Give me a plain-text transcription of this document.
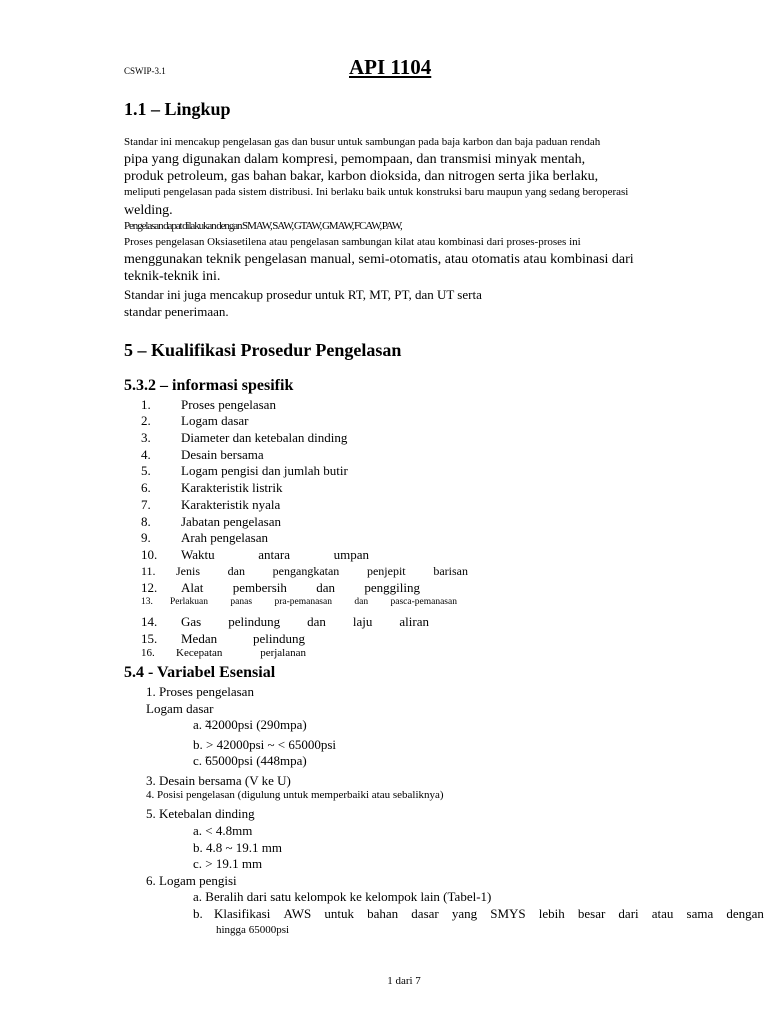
CSWIP-3.1	API 1104
1.1 – Lingkup
Standar ini mencakup pengelasan gas dan busur untuk sambungan pada baja karbon dan baja paduan rendah
pipa yang digunakan dalam kompresi, pemompaan, dan transmisi minyak mentah,
produk petroleum, gas bahan bakar, karbon dioksida, dan nitrogen serta jika berlaku,
meliputi pengelasan pada sistem distribusi. Ini berlaku baik untuk konstruksi baru maupun yang sedang beroperasi
welding.
Pengelasan dapat dilakukan dengan SMAW, SAW, GTAW, GMAW, FCAW, PAW,
Proses pengelasan Oksiasetilena atau pengelasan sambungan kilat atau kombinasi dari proses-proses ini
menggunakan teknik pengelasan manual, semi-otomatis, atau otomatis atau kombinasi dari
teknik-teknik ini.
Standar ini juga mencakup prosedur untuk RT, MT, PT, dan UT serta
standar penerimaan.
5 – Kualifikasi Prosedur Pengelasan
5.3.2 – informasi spesifik
1. Proses pengelasan
2. Logam dasar
3. Diameter dan ketebalan dinding
4. Desain bersama
5. Logam pengisi dan jumlah butir
6. Karakteristik listrik
7. Karakteristik nyala
8. Jabatan pengelasan
9. Arah pengelasan
10. Waktu	antara	umpan
11. Jenis dan pengangkatan penjepit barisan
12. Alat pembersih dan penggiling
13. Perlakuan panas pra-pemanasan dan pasca-pemanasan
14. Gas pelindung dan laju aliran
15. Medan	pelindung
16. Kecepatan	perjalanan
5.4 - Variabel Esensial
1. Proses pengelasan
Logam dasar
a. ̃42000psi (290mpa)
b. > 42000psi ~ < 65000psi
c. ̃65000psi (448mpa)
3. Desain bersama (V ke U)
4. Posisi pengelasan (digulung untuk memperbaiki atau sebaliknya)
5. Ketebalan dinding
a. < 4.8mm
b. 4.8 ~ 19.1 mm
c. > 19.1 mm
6. Logam pengisi
a. Beralih dari satu kelompok ke kelompok lain (Tabel-1)
b. Klasifikasi AWS untuk bahan dasar yang SMYS lebih besar dari atau sama dengan
hingga 65000psi
1 dari 7
